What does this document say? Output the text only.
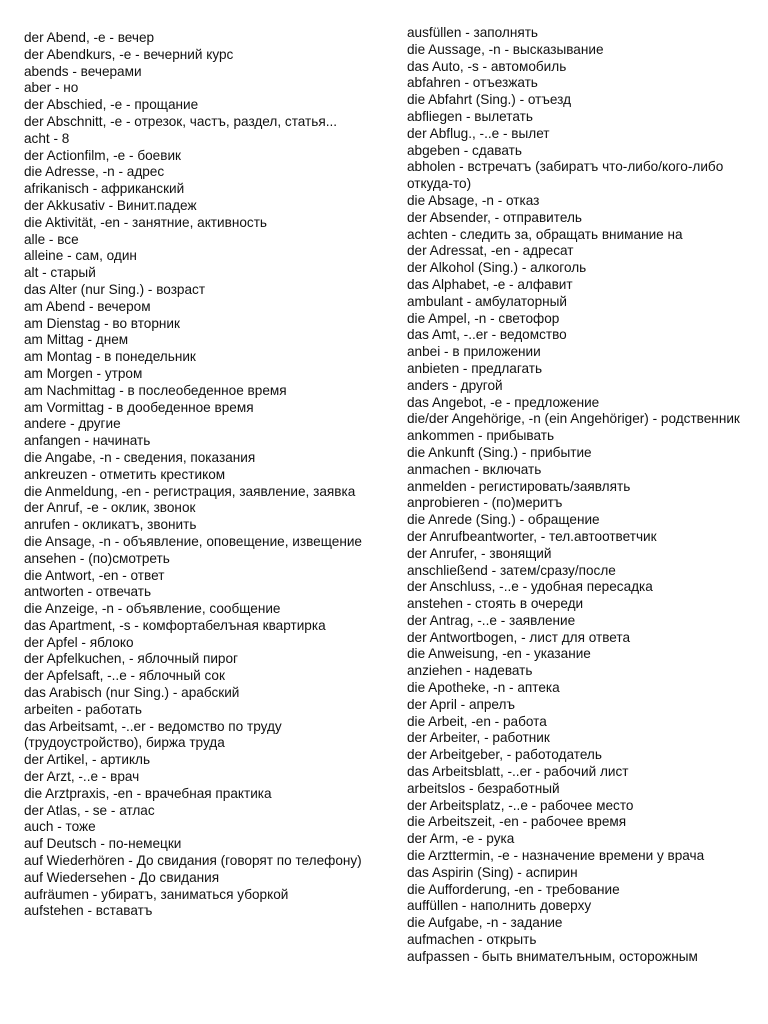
der Abend, -e - вечер
der Abendkurs, -e - вечерний курс
abends - вечерами
aber - но
der Abschied, -e - прощание
der Abschnitt, -e - отрезок, частъ, раздел, статья...
acht - 8
der Actionfilm, -e - боевик
die Adresse, -n - адрес
afrikanisch - африканский
der Akkusativ - Винит.падеж
die Aktivität, -en - занятние, активность
alle - все
alleine - сам, один
alt - старый
das Alter (nur Sing.) - возраст
am Abend - вечером
am Dienstag - во вторник
am Mittag - днем
am Montag - в понедельник
am Morgen - утром
am Nachmittag - в послеобеденное время
am Vormittag - в дообеденное время
andere - другие
anfangen - начинать
die Angabe, -n - сведения, показания
ankreuzen - отметить крестиком
die Anmeldung, -en - регистрация, заявление, заявка
der Anruf, -e - оклик, звонок
anrufen - окликатъ, звонить
die Ansage, -n - объявление, оповещение, извещение
ansehen - (по)смотреть
die Antwort, -en - ответ
antworten - отвечать
die Anzeige, -n - объявление, сообщение
das Apartment, -s - комфортабелъная квартирка
der Apfel - яблоко
der Apfelkuchen, - яблочный пирог
der Apfelsaft, -..e - яблочный сок
das Arabisch (nur Sing.) - арабский
arbeiten - работать
das Arbeitsamt, -..er - ведомство по труду (трудоустройство), биржа труда
der Artikel, - артикль
der Arzt, -..e - врач
die Arztpraxis, -en - врачебная практика
der Atlas, - se - атлас
auch - тоже
auf Deutsch - по-немецки
auf Wiederhören - До свидания (говорят по телефону)
auf Wiedersehen - До свидания
aufräumen - убиратъ, заниматься уборкой
aufstehen - вставатъ
ausfüllen - заполнять
die Aussage, -n - высказывание
das Auto, -s - автомобиль
abfahren - отъезжать
die Abfahrt (Sing.) - отъезд
abfliegen - вылетать
der Abflug., -..e - вылет
abgeben - сдавать
abholen - встречатъ (забиратъ что-либо/кого-либо откуда-то)
die Absage, -n - отказ
der Absender, - отправитель
achten - следить за, обращать внимание на
der Adressat, -en - адресат
der Alkohol (Sing.) - алкоголь
das Alphabet, -e - алфавит
ambulant - амбулаторный
die Ampel, -n - светофор
das Amt, -..er - ведомство
anbei - в приложении
anbieten - предлагать
anders - другой
das Angebot, -e - предложение
die/der Angehörige, -n (ein Angehöriger) - родственник
ankommen - прибывать
die Ankunft (Sing.) - прибытие
anmachen - включать
anmelden - регистировать/заявлять
anprobieren - (по)меритъ
die Anrede (Sing.) - обращение
der Anrufbeantworter, - тел.автоответчик
der Anrufer, - звонящий
anschließend - затем/сразу/после
der Anschluss, -..e - удобная пересадка
anstehen - стоять в очереди
der Antrag, -..e - заявление
der Antwortbogen, - лист для ответа
die Anweisung, -en - указание
anziehen - надевать
die Apotheke, -n - аптека
der April - апрелъ
die Arbeit, -en - работа
der Arbeiter, - работник
der Arbeitgeber, - работодатель
das Arbeitsblatt, -..er - рабочий лист
arbeitslos - безработный
der Arbeitsplatz, -..e - рабочее место
die Arbeitszeit, -en - рабочее время
der Arm, -e - рука
die Arzttermin, -e - назначение времени у врача
das Aspirin (Sing) - аспирин
die Aufforderung, -en - требование
auffüllen - наполнить доверху
die Aufgabe, -n - задание
aufmachen - открыть
aufpassen - быть внимателъным, осторожным
